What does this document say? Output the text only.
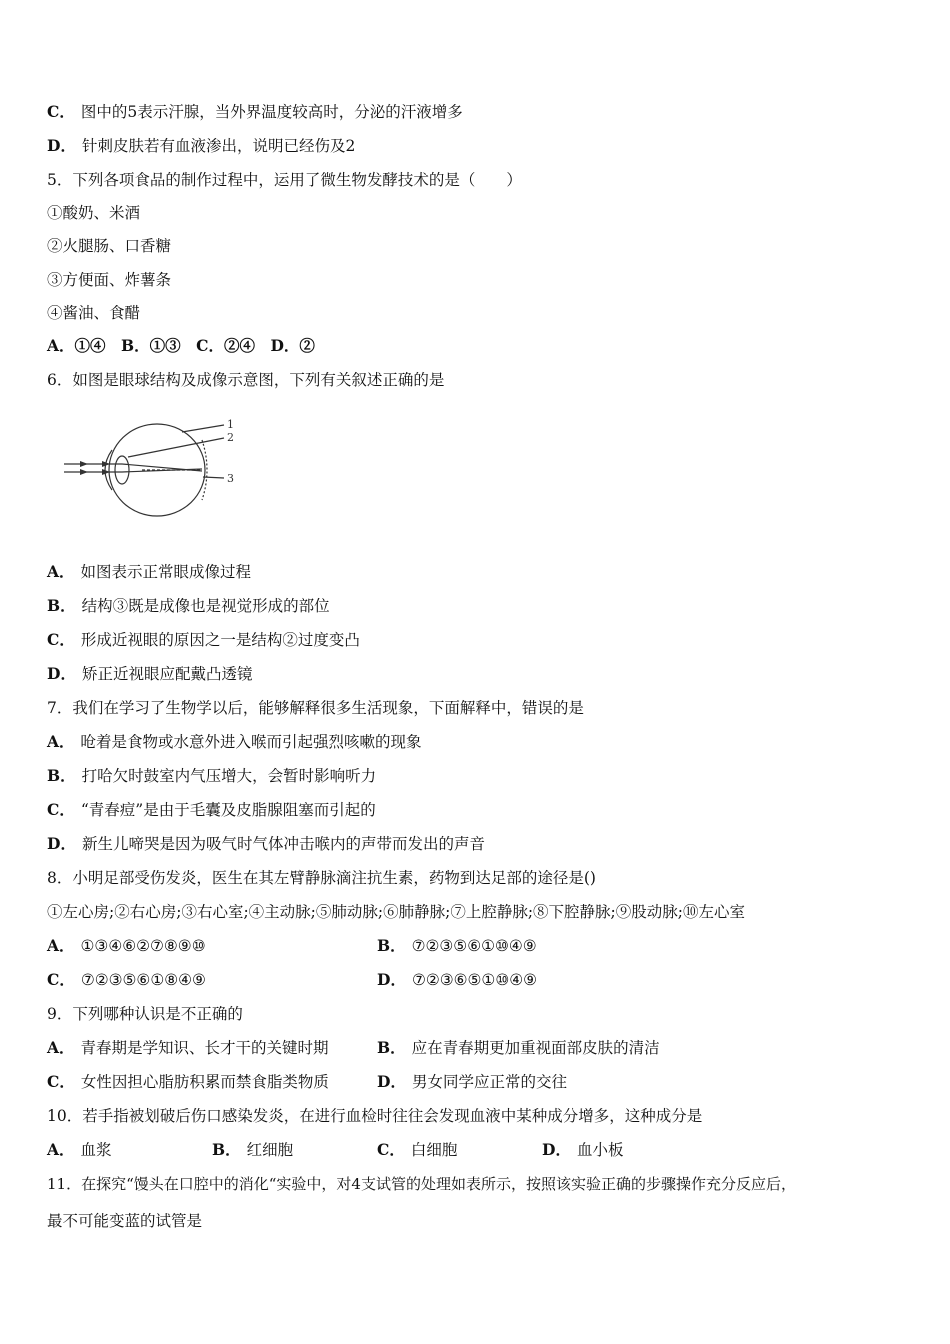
C． 图中的5表示汗腺，当外界温度较高时，分泌的汗液增多
D． 针刺皮肤若有血液渗出，说明已经伤及2
5．下列各项食品的制作过程中，运用了微生物发酵技术的是（　　）
①酸奶、米酒
②火腿肠、口香糖
③方便面、炸薯条
④酱油、食醋
A．①④　B．①③　C．②④　D．②
6．如图是眼球结构及成像示意图，下列有关叙述正确的是
1
2
3
A． 如图表示正常眼成像过程
B． 结构③既是成像也是视觉形成的部位
C． 形成近视眼的原因之一是结构②过度变凸
D． 矫正近视眼应配戴凸透镜
7．我们在学习了生物学以后，能够解释很多生活现象，下面解释中，错误的是
A． 呛着是食物或水意外进入喉而引起强烈咳嗽的现象
B． 打哈欠时鼓室内气压增大，会暂时影响听力
C． “青春痘”是由于毛囊及皮脂腺阻塞而引起的
D． 新生儿啼哭是因为吸气时气体冲击喉内的声带而发出的声音
8．小明足部受伤发炎，医生在其左臂静脉滴注抗生素，药物到达足部的途径是()
①左心房;②右心房;③右心室;④主动脉;⑤肺动脉;⑥肺静脉;⑦上腔静脉;⑧下腔静脉;⑨股动脉;⑩左心室
A． ①③④⑥②⑦⑧⑨⑩	B． ⑦②③⑤⑥①⑩④⑨
C． ⑦②③⑤⑥①⑧④⑨	D． ⑦②③⑥⑤①⑩④⑨
9．下列哪种认识是不正确的
A． 青春期是学知识、长才干的关键时期	B． 应在青春期更加重视面部皮肤的清洁
C． 女性因担心脂肪积累而禁食脂类物质	D． 男女同学应正常的交往
10．若手指被划破后伤口感染发炎，在进行血检时往往会发现血液中某种成分增多，这种成分是
A． 血浆	B． 红细胞	C． 白细胞	D． 血小板
11．在探究“馒头在口腔中的消化“实验中，对4支试管的处理如表所示，按照该实验正确的步骤操作充分反应后，
最不可能变蓝的试管是
